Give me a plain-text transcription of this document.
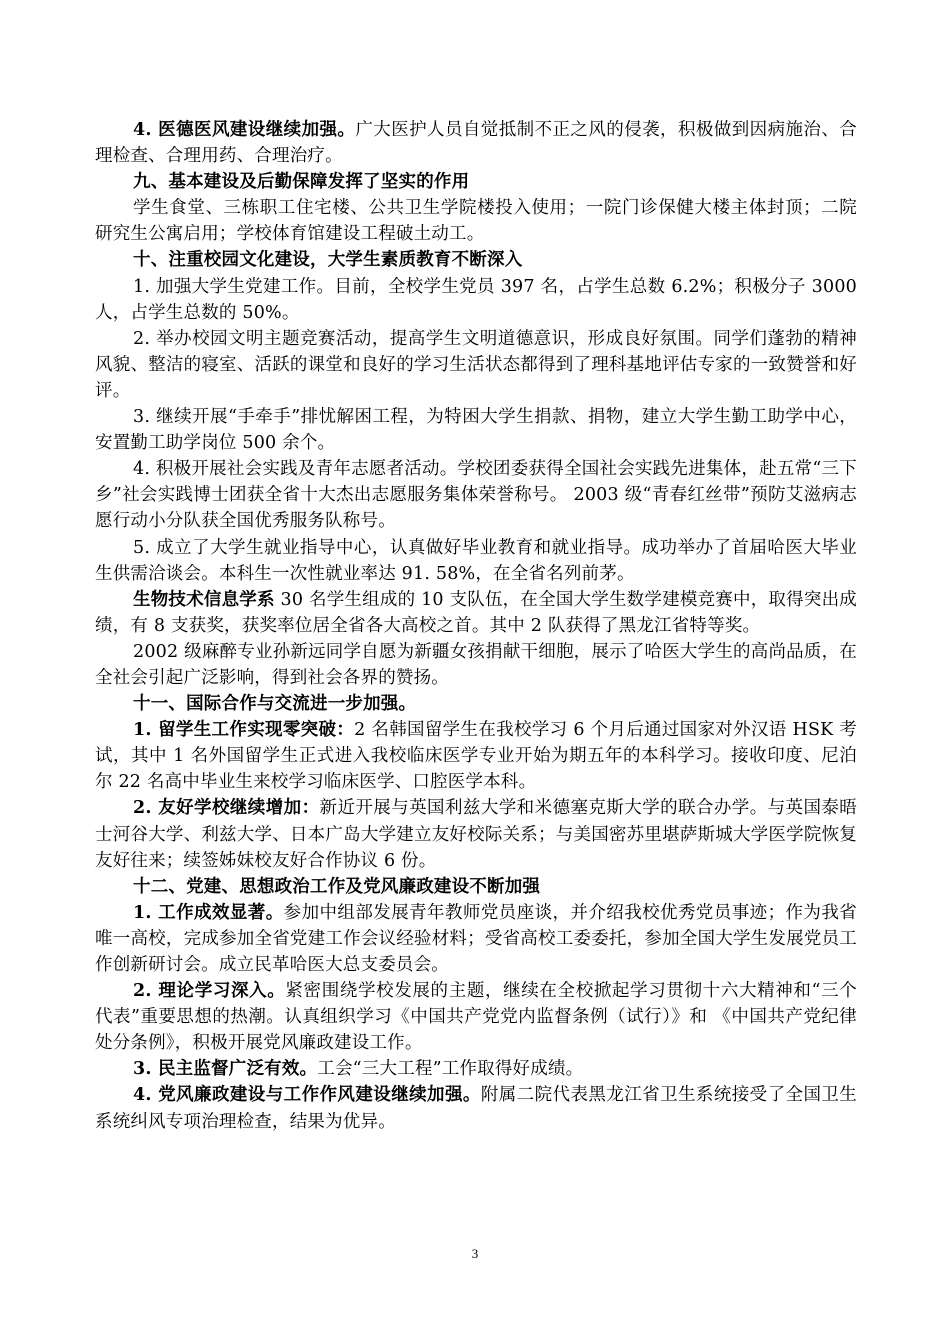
4. 医德医风建设继续加强。广大医护人员自觉抵制不正之风的侵袭，积极做到因病施治、合理检查、合理用药、合理治疗。

九、基本建设及后勤保障发挥了坚实的作用

学生食堂、三栋职工住宅楼、公共卫生学院楼投入使用；一院门诊保健大楼主体封顶；二院研究生公寓启用；学校体育馆建设工程破土动工。

十、注重校园文化建设，大学生素质教育不断深入

1. 加强大学生党建工作。目前，全校学生党员 397 名，占学生总数 6.2%；积极分子 3000 人，占学生总数的 50%。

2. 举办校园文明主题竞赛活动，提高学生文明道德意识，形成良好氛围。同学们蓬勃的精神风貌、整洁的寝室、活跃的课堂和良好的学习生活状态都得到了理科基地评估专家的一致赞誉和好评。

3. 继续开展“手牵手”排忧解困工程，为特困大学生捐款、捐物，建立大学生勤工助学中心，安置勤工助学岗位 500 余个。

4. 积极开展社会实践及青年志愿者活动。学校团委获得全国社会实践先进集体，赴五常“三下乡”社会实践博士团获全省十大杰出志愿服务集体荣誉称号。 2003 级“青春红丝带”预防艾滋病志愿行动小分队获全国优秀服务队称号。

5. 成立了大学生就业指导中心，认真做好毕业教育和就业指导。成功举办了首届哈医大毕业生供需洽谈会。本科生一次性就业率达 91. 58%，在全省名列前茅。

生物技术信息学系 30 名学生组成的 10 支队伍，在全国大学生数学建模竞赛中，取得突出成绩，有 8 支获奖，获奖率位居全省各大高校之首。其中 2 队获得了黑龙江省特等奖。

2002 级麻醉专业孙新远同学自愿为新疆女孩捐献干细胞，展示了哈医大学生的高尚品质，在全社会引起广泛影响，得到社会各界的赞扬。

十一、国际合作与交流进一步加强。

1. 留学生工作实现零突破：2 名韩国留学生在我校学习 6 个月后通过国家对外汉语 HSK 考试，其中 1 名外国留学生正式进入我校临床医学专业开始为期五年的本科学习。接收印度、尼泊尔 22 名高中毕业生来校学习临床医学、口腔医学本科。

2. 友好学校继续增加：新近开展与英国利兹大学和米德塞克斯大学的联合办学。与英国泰晤士河谷大学、利兹大学、日本广岛大学建立友好校际关系；与美国密苏里堪萨斯城大学医学院恢复友好往来；续签姊妹校友好合作协议 6 份。

十二、党建、思想政治工作及党风廉政建设不断加强

1. 工作成效显著。参加中组部发展青年教师党员座谈，并介绍我校优秀党员事迹；作为我省唯一高校，完成参加全省党建工作会议经验材料；受省高校工委委托，参加全国大学生发展党员工作创新研讨会。成立民革哈医大总支委员会。

2. 理论学习深入。紧密围绕学校发展的主题，继续在全校掀起学习贯彻十六大精神和“三个代表”重要思想的热潮。认真组织学习《中国共产党党内监督条例（试行）》和 《中国共产党纪律处分条例》，积极开展党风廉政建设工作。

3. 民主监督广泛有效。工会“三大工程”工作取得好成绩。

4. 党风廉政建设与工作作风建设继续加强。附属二院代表黑龙江省卫生系统接受了全国卫生系统纠风专项治理检查，结果为优异。

3
